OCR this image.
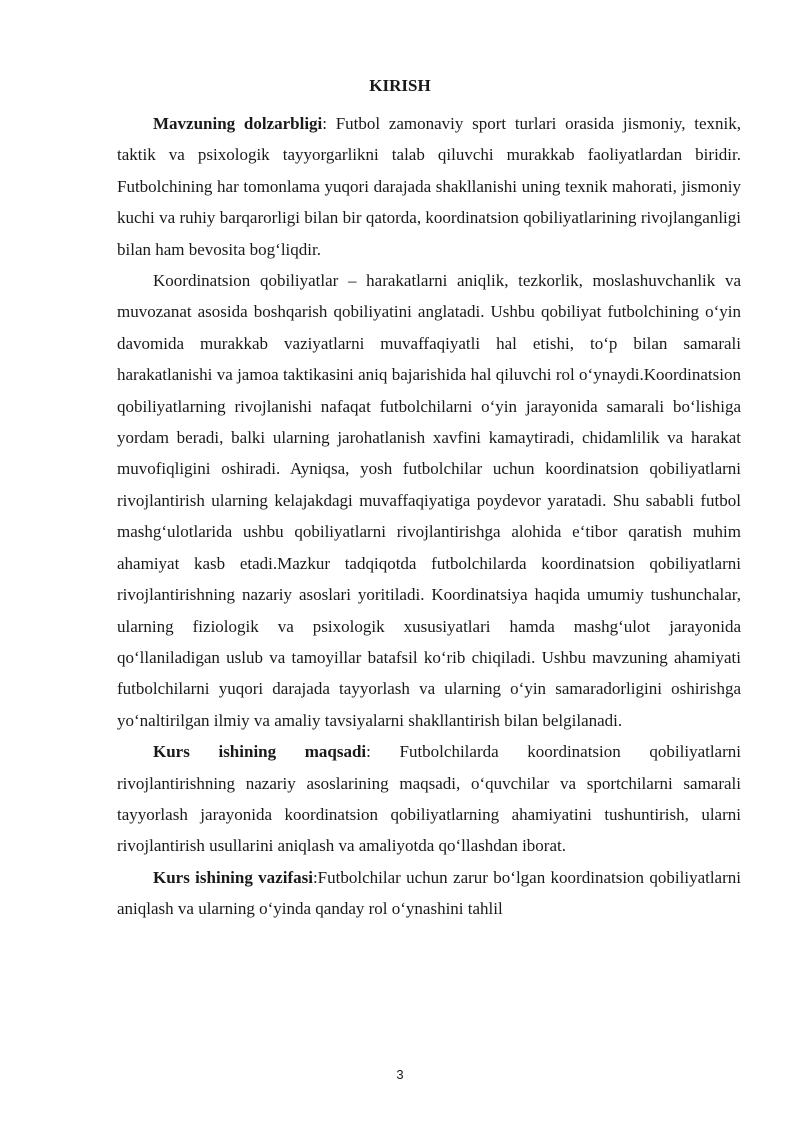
KIRISH

Mavzuning dolzarbligi: Futbol zamonaviy sport turlari orasida jismoniy, texnik, taktik va psixologik tayyorgarlikni talab qiluvchi murakkab faoliyatlardan biridir. Futbolchining har tomonlama yuqori darajada shakllanishi uning texnik mahorati, jismoniy kuchi va ruhiy barqarorligi bilan bir qatorda, koordinatsion qobiliyatlarining rivojlanganligi bilan ham bevosita bog‘liqdir.

Koordinatsion qobiliyatlar – harakatlarni aniqlik, tezkorlik, moslashuvchanlik va muvozanat asosida boshqarish qobiliyatini anglatadi. Ushbu qobiliyat futbolchining o‘yin davomida murakkab vaziyatlarni muvaffaqiyatli hal etishi, to‘p bilan samarali harakatlanishi va jamoa taktikasini aniq bajarishida hal qiluvchi rol o‘ynaydi.Koordinatsion qobiliyatlarning rivojlanishi nafaqat futbolchilarni o‘yin jarayonida samarali bo‘lishiga yordam beradi, balki ularning jarohatlanish xavfini kamaytiradi, chidamlilik va harakat muvofiqligini oshiradi. Ayniqsa, yosh futbolchilar uchun koordinatsion qobiliyatlarni rivojlantirish ularning kelajakdagi muvaffaqiyatiga poydevor yaratadi. Shu sababli futbol mashg‘ulotlarida ushbu qobiliyatlarni rivojlantirishga alohida e‘tibor qaratish muhim ahamiyat kasb etadi.Mazkur tadqiqotda futbolchilarda koordinatsion qobiliyatlarni rivojlantirishning nazariy asoslari yoritiladi. Koordinatsiya haqida umumiy tushunchalar, ularning fiziologik va psixologik xususiyatlari hamda mashg‘ulot jarayonida qo‘llaniladigan uslub va tamoyillar batafsil ko‘rib chiqiladi. Ushbu mavzuning ahamiyati futbolchilarni yuqori darajada tayyorlash va ularning o‘yin samaradorligini oshirishga yo‘naltirilgan ilmiy va amaliy tavsiyalarni shakllantirish bilan belgilanadi.

Kurs ishining maqsadi: Futbolchilarda koordinatsion qobiliyatlarni rivojlantirishning nazariy asoslarining maqsadi, o‘quvchilar va sportchilarni samarali tayyorlash jarayonida koordinatsion qobiliyatlarning ahamiyatini tushuntirish, ularni rivojlantirish usullarini aniqlash va amaliyotda qo‘llashdan iborat.

Kurs ishining vazifasi:Futbolchilar uchun zarur bo‘lgan koordinatsion qobiliyatlarni aniqlash va ularning o‘yinda qanday rol o‘ynashini tahlil

3
